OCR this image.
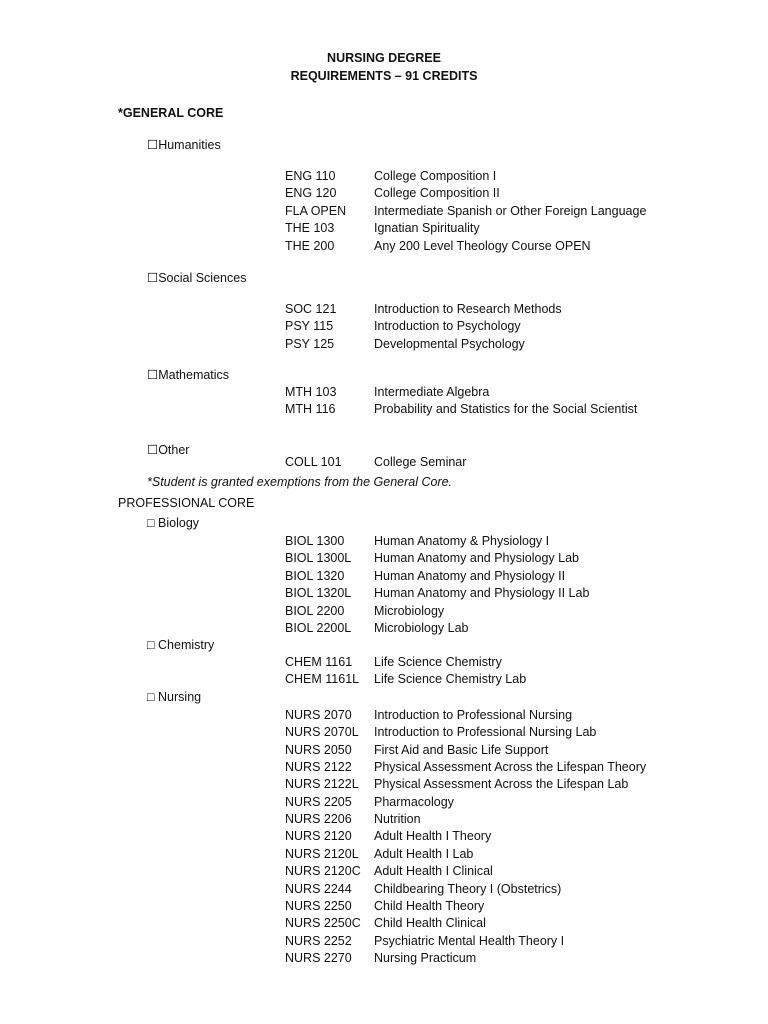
NURSING DEGREE
REQUIREMENTS – 91 CREDITS
*GENERAL CORE
☐Humanities
ENG 110	College Composition I
ENG 120	College Composition II
FLA OPEN Intermediate Spanish or Other Foreign Language
THE 103	Ignatian Spirituality
THE 200	Any 200 Level Theology Course OPEN
☐Social Sciences
SOC 121	Introduction to Research Methods
PSY 115	Introduction to Psychology
PSY 125	Developmental Psychology
☐Mathematics
MTH 103	Intermediate Algebra
MTH 116	Probability and Statistics for the Social Scientist
☐Other
COLL 101	College Seminar
*Student is granted exemptions from the General Core.
PROFESSIONAL CORE
□ Biology
BIOL 1300 Human Anatomy & Physiology I
BIOL 1300L Human Anatomy and Physiology Lab
BIOL 1320 Human Anatomy and Physiology II
BIOL 1320L Human Anatomy and Physiology II Lab
BIOL 2200 Microbiology
BIOL 2200L Microbiology Lab
□ Chemistry
CHEM 1161 Life Science Chemistry
CHEM 1161L Life Science Chemistry Lab
□ Nursing
NURS 2070 Introduction to Professional Nursing
NURS 2070L Introduction to Professional Nursing Lab
NURS 2050 First Aid and Basic Life Support
NURS 2122 Physical Assessment Across the Lifespan Theory
NURS 2122L Physical Assessment Across the Lifespan Lab
NURS 2205 Pharmacology
NURS 2206 Nutrition
NURS 2120 Adult Health I Theory
NURS 2120L Adult Health I Lab
NURS 2120C Adult Health I Clinical
NURS 2244 Childbearing Theory I (Obstetrics)
NURS 2250 Child Health Theory
NURS 2250C Child Health Clinical
NURS 2252 Psychiatric Mental Health Theory I
NURS 2270 Nursing Practicum
